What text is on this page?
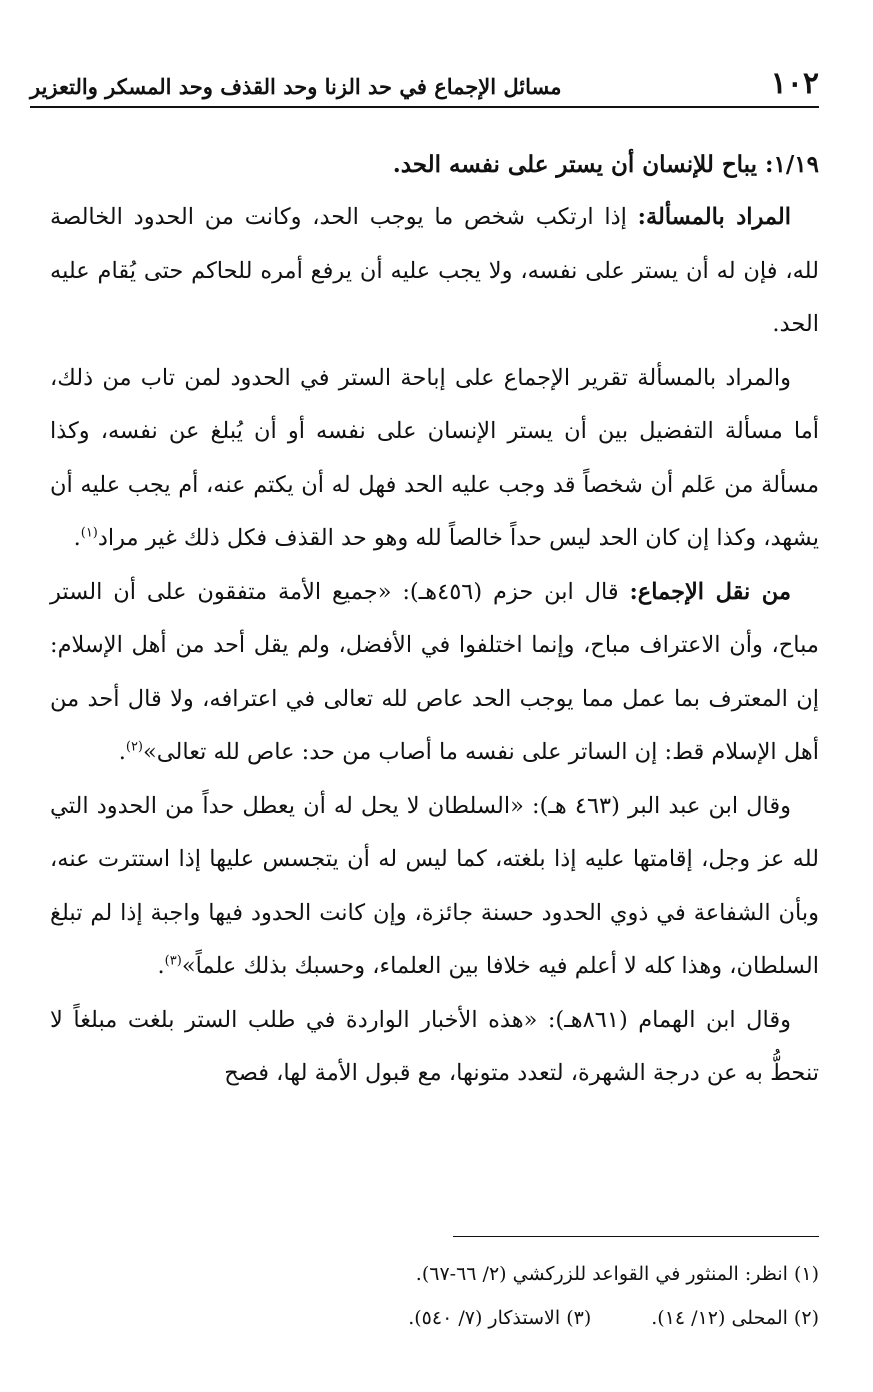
١٠٢
مسائل الإجماع في حد الزنا وحد القذف وحد المسكر والتعزير

١/١٩: يباح للإنسان أن يستر على نفسه الحد.

المراد بالمسألة: إذا ارتكب شخص ما يوجب الحد، وكانت من الحدود الخالصة لله، فإن له أن يستر على نفسه، ولا يجب عليه أن يرفع أمره للحاكم حتى يُقام عليه الحد.

والمراد بالمسألة تقرير الإجماع على إباحة الستر في الحدود لمن تاب من ذلك، أما مسألة التفضيل بين أن يستر الإنسان على نفسه أو أن يُبلغ عن نفسه، وكذا مسألة من عَلم أن شخصاً قد وجب عليه الحد فهل له أن يكتم عنه، أم يجب عليه أن يشهد، وكذا إن كان الحد ليس حداً خالصاً لله وهو حد القذف فكل ذلك غير مراد$^{(١)}$.

من نقل الإجماع: قال ابن حزم (٤٥٦هـ): «جميع الأمة متفقون على أن الستر مباح، وأن الاعتراف مباح، وإنما اختلفوا في الأفضل، ولم يقل أحد من أهل الإسلام: إن المعترف بما عمل مما يوجب الحد عاص لله تعالى في اعترافه، ولا قال أحد من أهل الإسلام قط: إن الساتر على نفسه ما أصاب من حد: عاص لله تعالى»$^{(٢)}$.

وقال ابن عبد البر (٤٦٣ هـ): «السلطان لا يحل له أن يعطل حداً من الحدود التي لله عز وجل، إقامتها عليه إذا بلغته، كما ليس له أن يتجسس عليها إذا استترت عنه، وبأن الشفاعة في ذوي الحدود حسنة جائزة، وإن كانت الحدود فيها واجبة إذا لم تبلغ السلطان، وهذا كله لا أعلم فيه خلافا بين العلماء، وحسبك بذلك علماً»$^{(٣)}$.

وقال ابن الهمام (٨٦١هـ): «هذه الأخبار الواردة في طلب الستر بلغت مبلغاً لا تنحطُّ به عن درجة الشهرة، لتعدد متونها، مع قبول الأمة لها، فصح

(١) انظر: المنثور في القواعد للزركشي (٢/ ٦٦-٦٧).
(٢) المحلى (١٢/ ١٤).
(٣) الاستذكار (٧/ ٥٤٠).
